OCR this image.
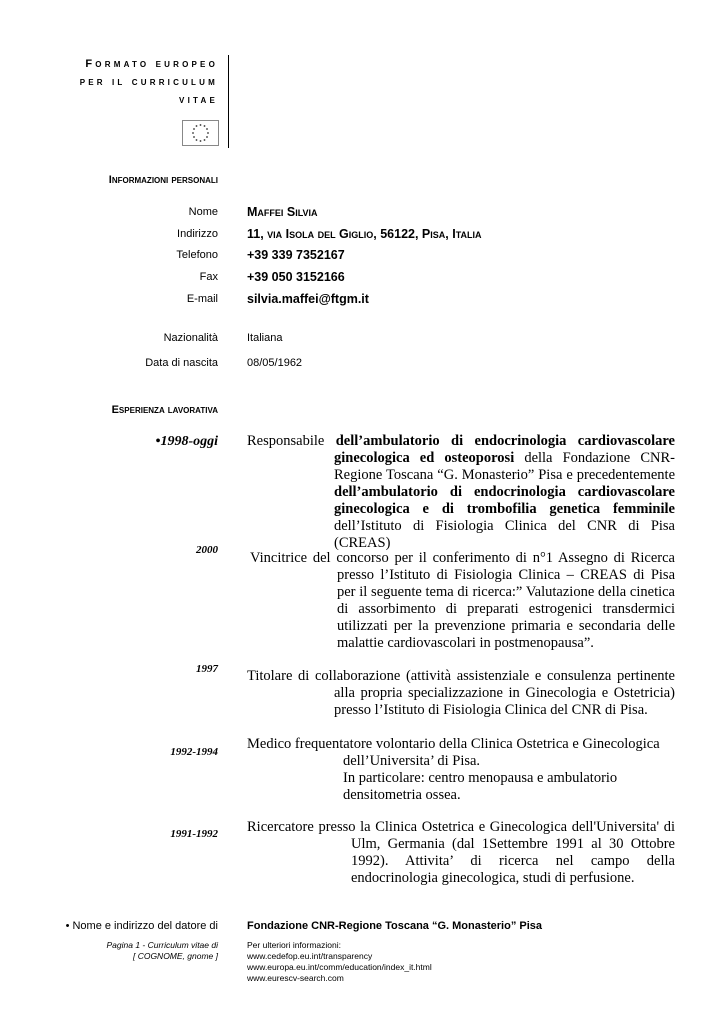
Formato europeo
per il curriculum
vitae
Informazioni personali
Nome Maffei Silvia
Indirizzo 11, via Isola del Giglio, 56122, Pisa, Italia
Telefono +39 339 7352167
Fax +39 050 3152166
E-mail silvia.maffei@ftgm.it
Nazionalità	Italiana
Data di nascita	08/05/1962
Esperienza lavorativa
•1998-oggi Responsabile dell’ambulatorio di endocrinologia cardiovascolare ginecologica ed osteoporosi della Fondazione CNR-Regione Toscana “G. Monasterio” Pisa e precedentemente dell’ambulatorio di endocrinologia cardiovascolare ginecologica e di trombofilia genetica femminile dell’Istituto di Fisiologia Clinica del CNR di Pisa (CREAS)
2000 Vincitrice del concorso per il conferimento di n°1 Assegno di Ricerca presso l’Istituto di Fisiologia Clinica – CREAS di Pisa per il seguente tema di ricerca:” Valutazione della cinetica di assorbimento di preparati estrogenici transdermici utilizzati per la prevenzione primaria e secondaria delle malattie cardiovascolari in postmenopausa”.
1997 Titolare di collaborazione (attività assistenziale e consulenza pertinente alla propria specializzazione in Ginecologia e Ostetricia) presso l’Istituto di Fisiologia Clinica del CNR di Pisa.
1992-1994 Medico frequentatore volontario della Clinica Ostetrica e Ginecologica
dell’Universita’ di Pisa.
In particolare: centro menopausa e ambulatorio densitometria ossea.
1991-1992 Ricercatore presso la Clinica Ostetrica e Ginecologica dell'Universita' di Ulm, Germania (dal 1Settembre 1991 al 30 Ottobre 1992). Attivita’ di ricerca nel campo della endocrinologia ginecologica, studi di perfusione.
• Nome e indirizzo del datore di	Fondazione CNR-Regione Toscana “G. Monasterio” Pisa
Pagina 1 - Curriculum vitae di
[ COGNOME, gnome ]
Per ulteriori informazioni:
www.cedefop.eu.int/transparency
www.europa.eu.int/comm/education/index_it.html
www.eurescv-search.com
